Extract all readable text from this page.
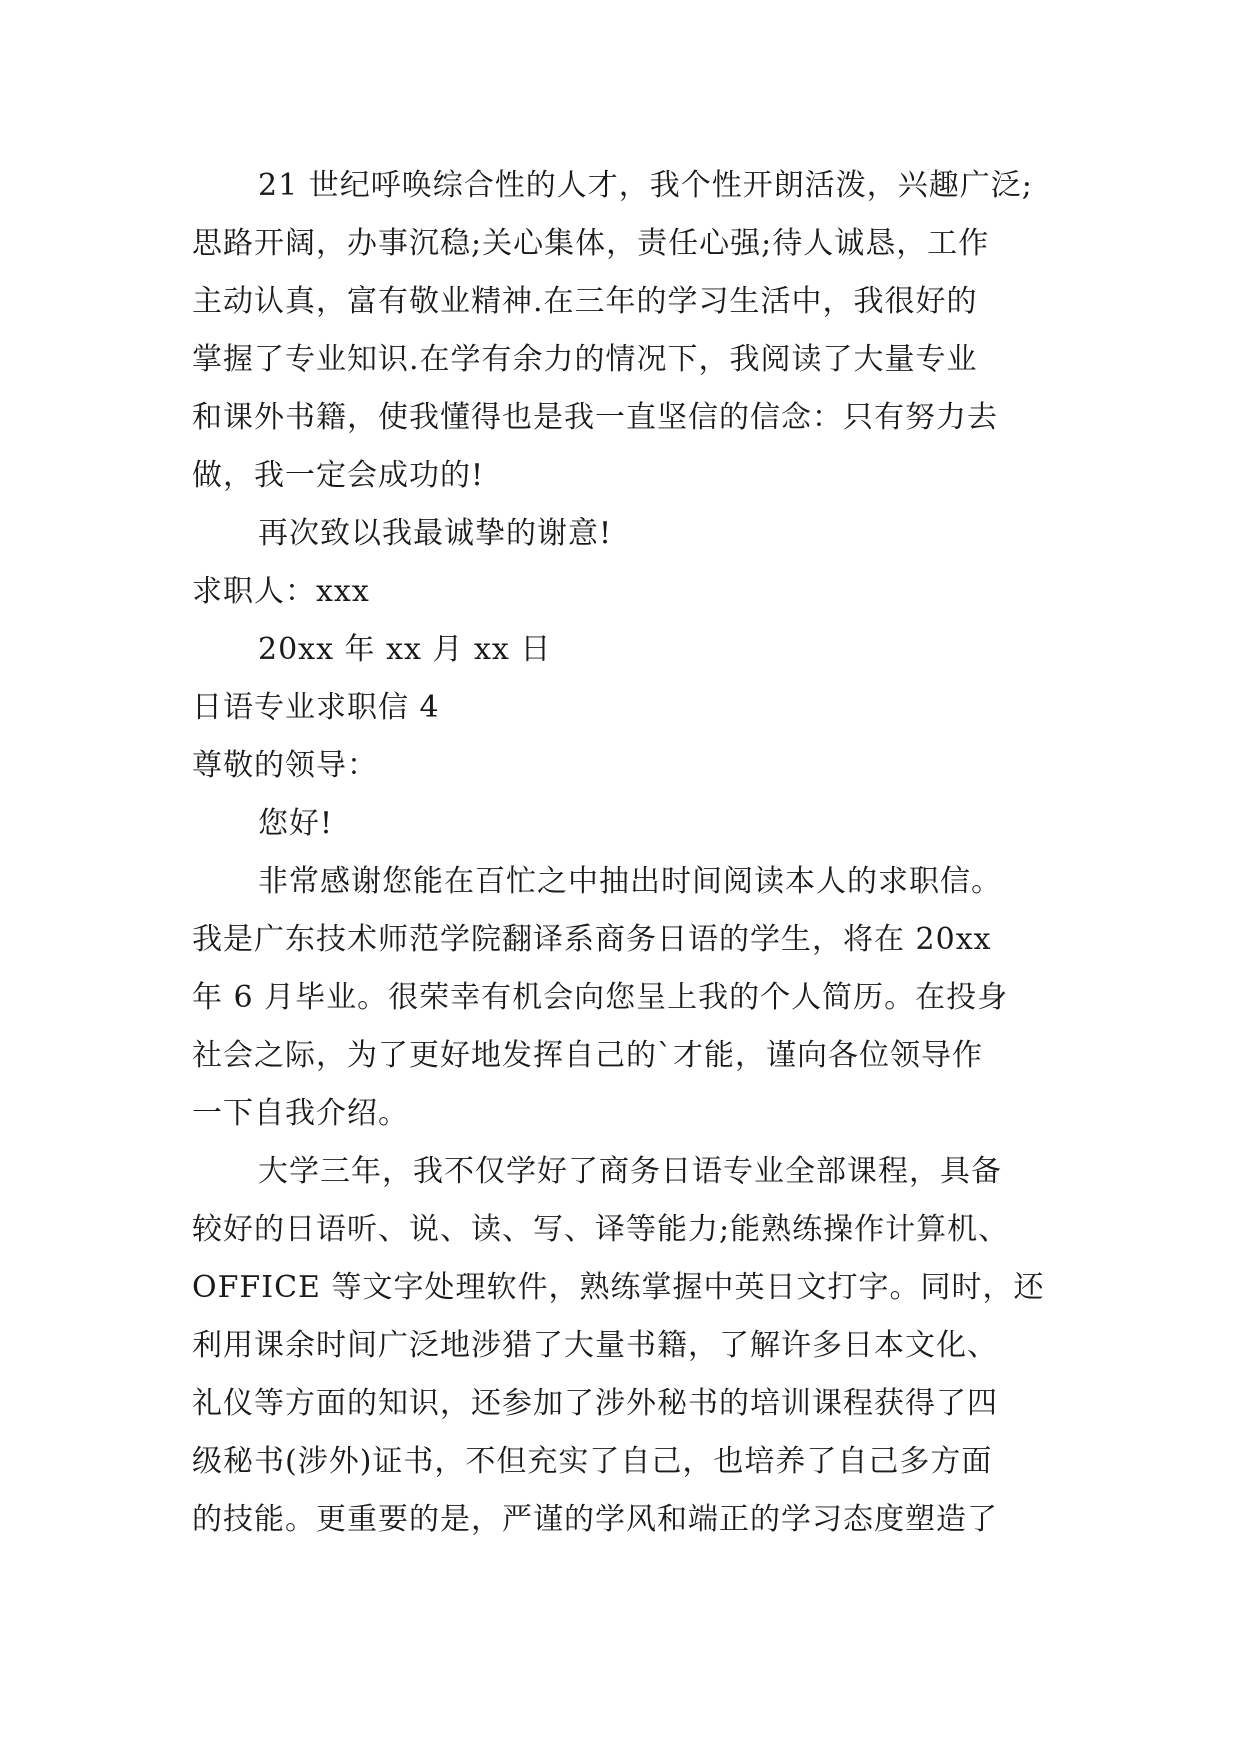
21 世纪呼唤综合性的人才，我个性开朗活泼，兴趣广泛;
思路开阔，办事沉稳;关心集体，责任心强;待人诚恳，工作
主动认真，富有敬业精神.在三年的学习生活中，我很好的
掌握了专业知识.在学有余力的情况下，我阅读了大量专业
和课外书籍，使我懂得也是我一直坚信的信念：只有努力去
做，我一定会成功的!
再次致以我最诚挚的谢意!
求职人：xxx
20xx 年 xx 月 xx 日
日语专业求职信 4
尊敬的领导：
您好!
非常感谢您能在百忙之中抽出时间阅读本人的求职信。
我是广东技术师范学院翻译系商务日语的学生，将在 20xx
年 6 月毕业。很荣幸有机会向您呈上我的个人简历。在投身
社会之际，为了更好地发挥自己的`才能，谨向各位领导作
一下自我介绍。
大学三年，我不仅学好了商务日语专业全部课程，具备
较好的日语听、说、读、写、译等能力;能熟练操作计算机、
OFFICE 等文字处理软件，熟练掌握中英日文打字。同时，还
利用课余时间广泛地涉猎了大量书籍，了解许多日本文化、
礼仪等方面的知识，还参加了涉外秘书的培训课程获得了四
级秘书(涉外)证书，不但充实了自己，也培养了自己多方面
的技能。更重要的是，严谨的学风和端正的学习态度塑造了
